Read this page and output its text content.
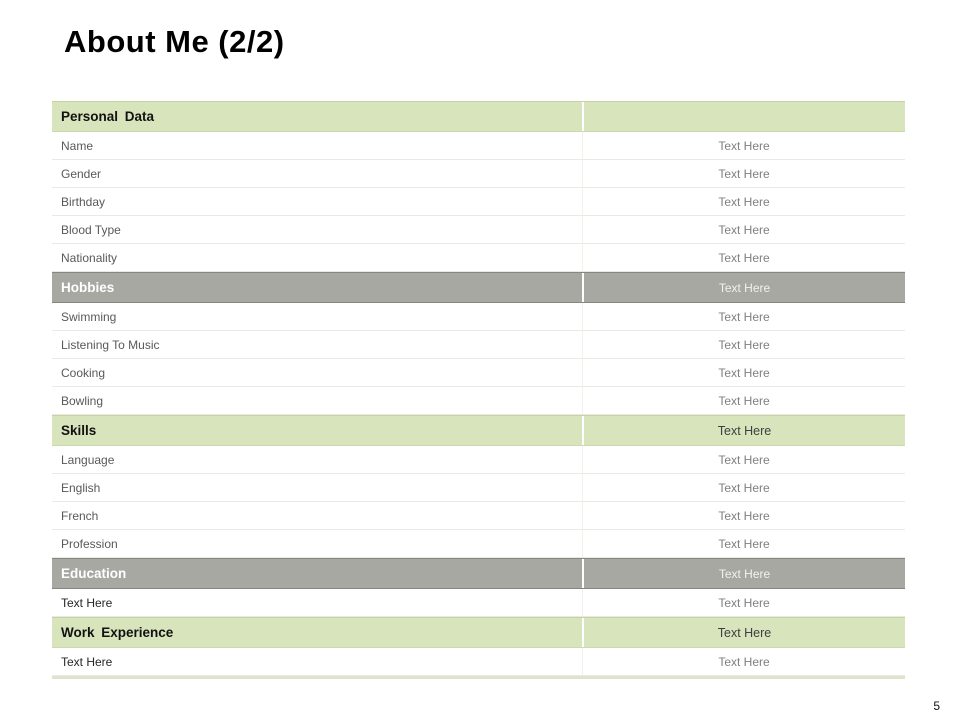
About Me (2/2)
Personal Data
Name	Text Here
Gender	Text Here
Birthday	Text Here
Blood Type	Text Here
Nationality	Text Here
Hobbies	Text Here
Swimming	Text Here
Listening To Music	Text Here
Cooking	Text Here
Bowling	Text Here
Skills	Text Here
Language	Text Here
English	Text Here
French	Text Here
Profession	Text Here
Education	Text Here
Text Here	Text Here
Work Experience	Text Here
Text Here	Text Here
5
